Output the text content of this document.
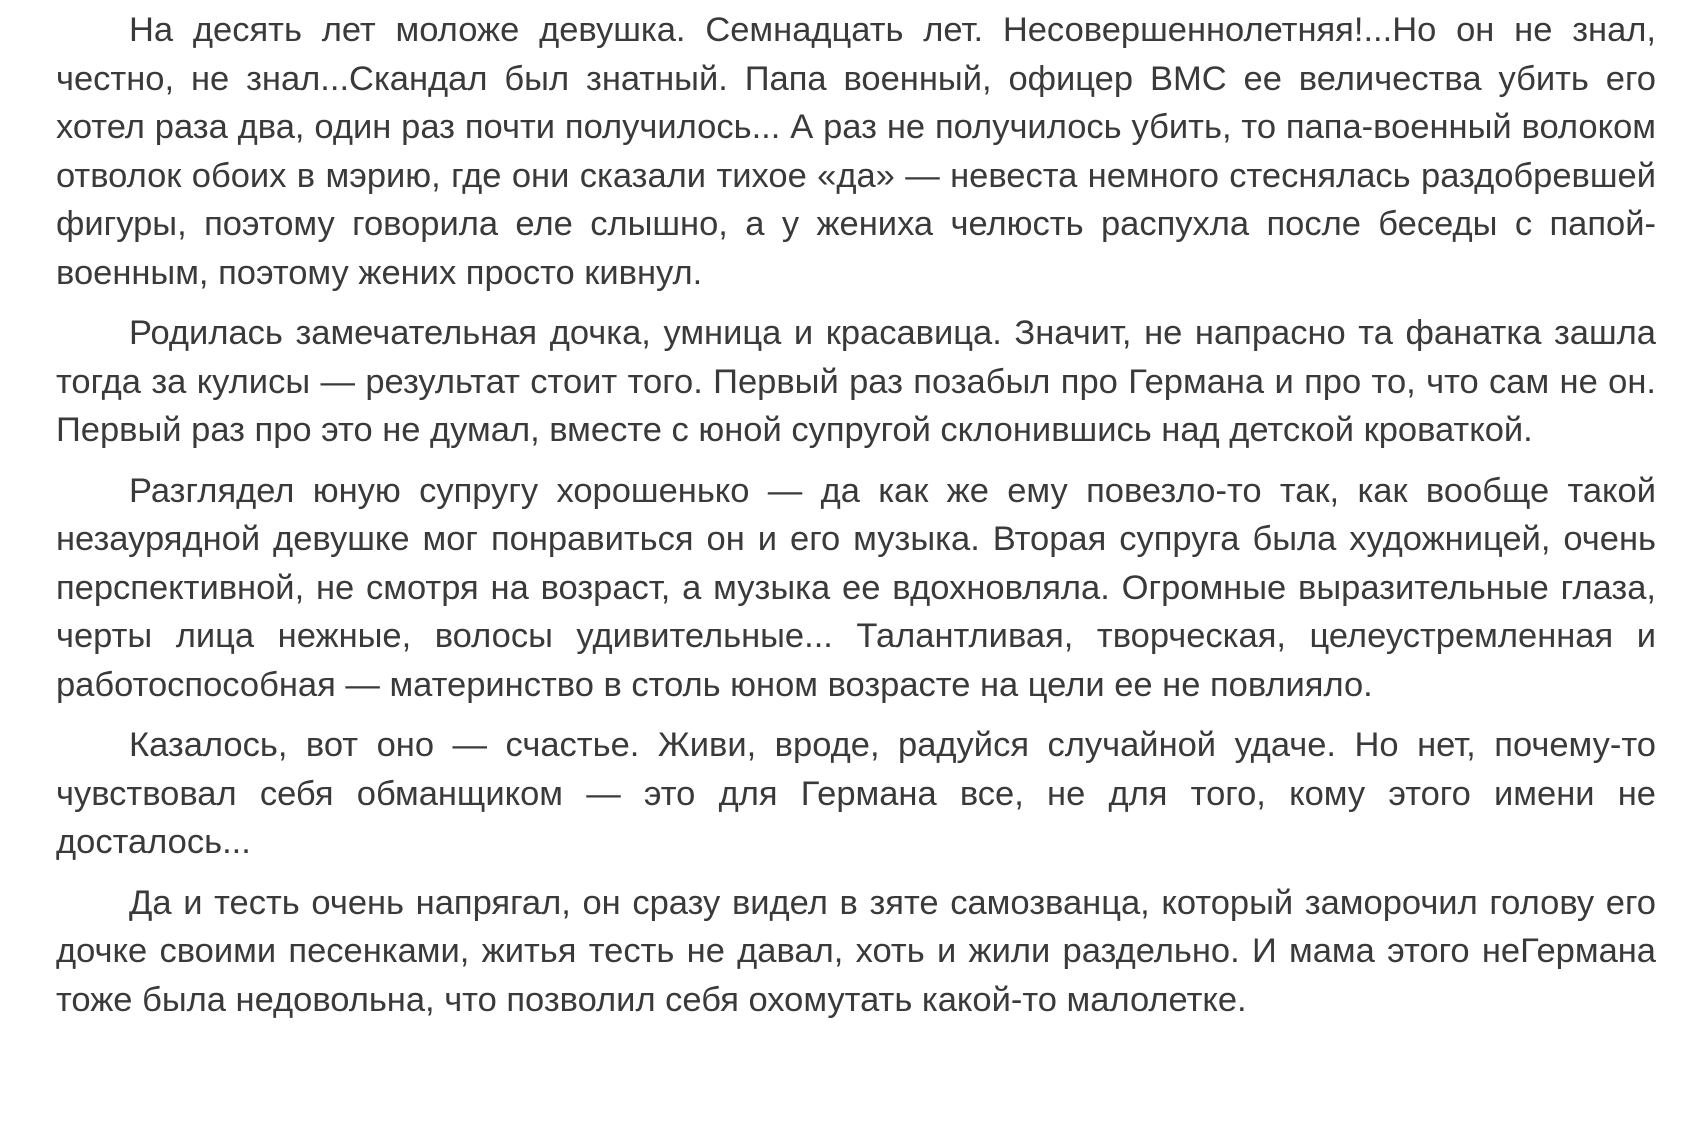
На десять лет моложе девушка. Семнадцать лет. Несовершеннолетняя!...Но он не знал, честно, не знал...Скандал был знатный. Папа военный, офицер ВМС ее величества убить его хотел раза два, один раз почти получилось... А раз не получилось убить, то папа-военный волоком отволок обоих в мэрию, где они сказали тихое «да» — невеста немного стеснялась раздобревшей фигуры, поэтому говорила еле слышно, а у жениха челюсть распухла после беседы с папой-военным, поэтому жених просто кивнул.

Родилась замечательная дочка, умница и красавица. Значит, не напрасно та фанатка зашла тогда за кулисы — результат стоит того. Первый раз позабыл про Германа и про то, что сам не он. Первый раз про это не думал, вместе с юной супругой склонившись над детской кроваткой.

Разглядел юную супругу хорошенько — да как же ему повезло-то так, как вообще такой незаурядной девушке мог понравиться он и его музыка. Вторая супруга была художницей, очень перспективной, не смотря на возраст, а музыка ее вдохновляла. Огромные выразительные глаза, черты лица нежные, волосы удивительные... Талантливая, творческая, целеустремленная и работоспособная — материнство в столь юном возрасте на цели ее не повлияло.

Казалось, вот оно — счастье. Живи, вроде, радуйся случайной удаче. Но нет, почему-то чувствовал себя обманщиком — это для Германа все, не для того, кому этого имени не досталось...

Да и тесть очень напрягал, он сразу видел в зяте самозванца, который заморочил голову его дочке своими песенками, житья тесть не давал, хоть и жили раздельно. И мама этого неГермана тоже была недовольна, что позволил себя охомутать какой-то малолетке.
